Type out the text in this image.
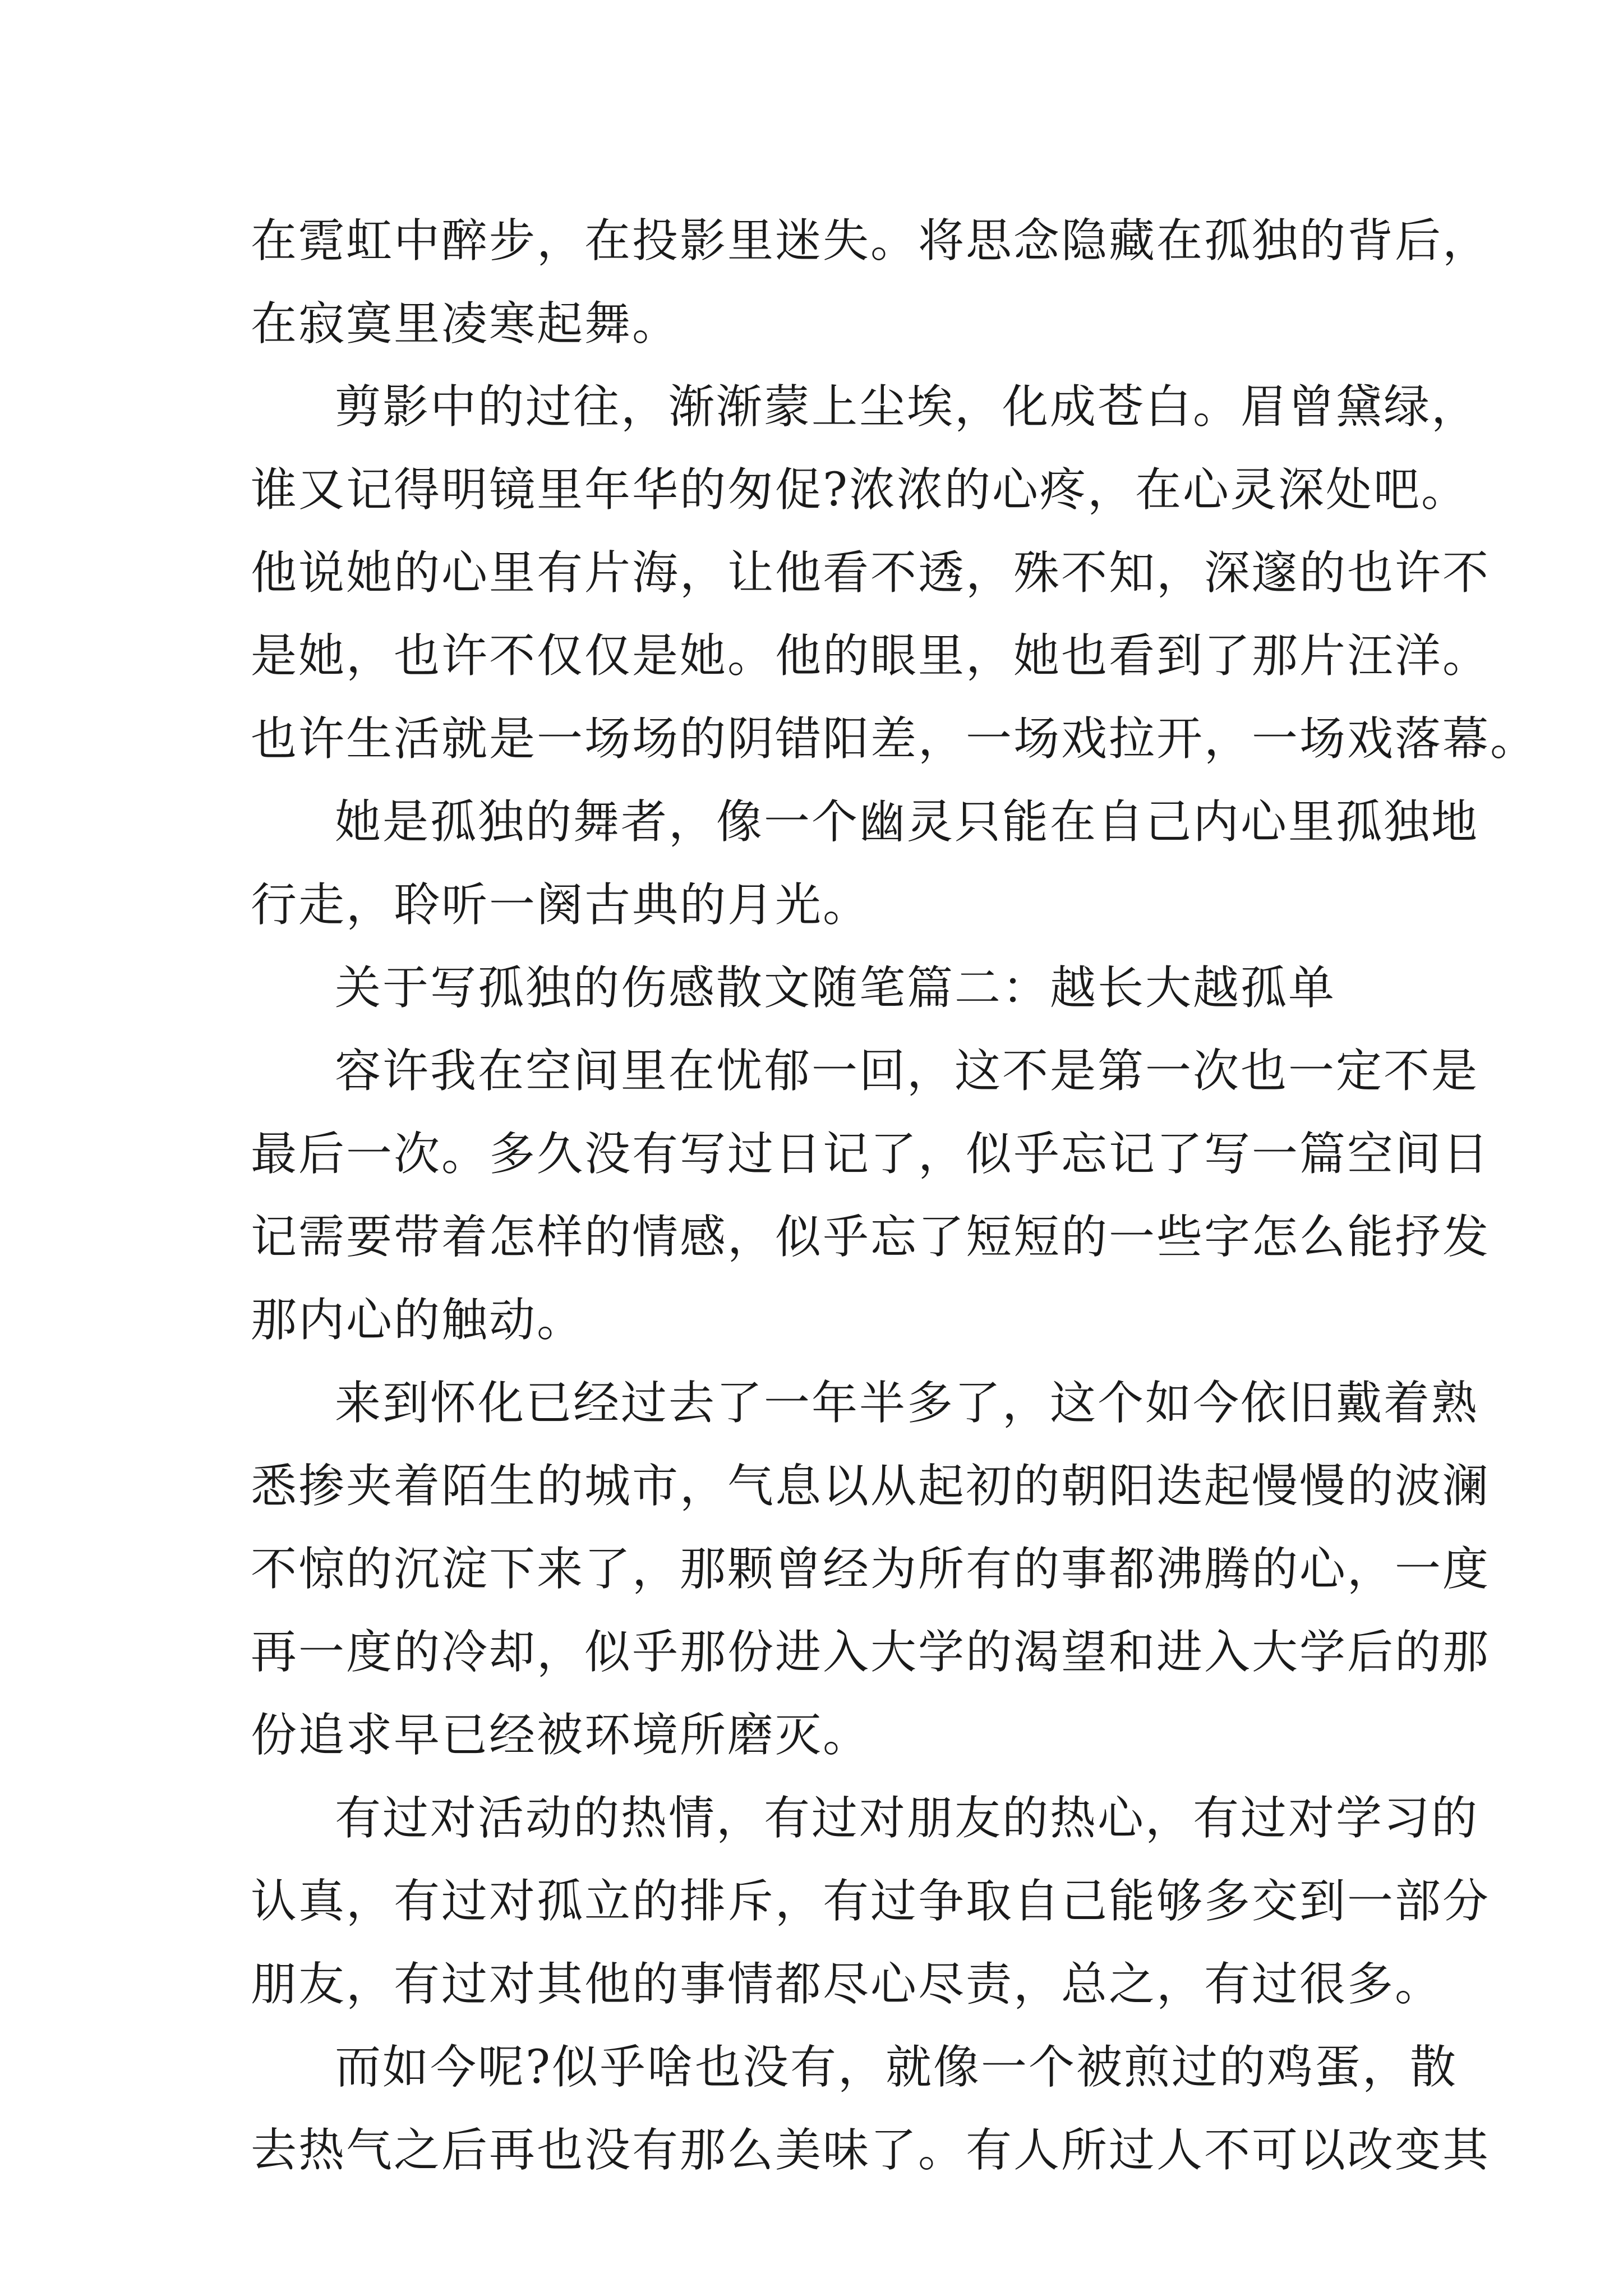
在霓虹中醉步，在投影里迷失。将思念隐藏在孤独的背后，

在寂寞里凌寒起舞。

剪影中的过往，渐渐蒙上尘埃，化成苍白。眉曾黛绿，

谁又记得明镜里年华的匆促?浓浓的心疼，在心灵深处吧。

他说她的心里有片海，让他看不透，殊不知，深邃的也许不

是她，也许不仅仅是她。他的眼里，她也看到了那片汪洋。

也许生活就是一场场的阴错阳差，一场戏拉开，一场戏落幕。

她是孤独的舞者，像一个幽灵只能在自己内心里孤独地

行走，聆听一阕古典的月光。

关于写孤独的伤感散文随笔篇二：越长大越孤单

容许我在空间里在忧郁一回，这不是第一次也一定不是

最后一次。多久没有写过日记了，似乎忘记了写一篇空间日

记需要带着怎样的情感，似乎忘了短短的一些字怎么能抒发

那内心的触动。

来到怀化已经过去了一年半多了，这个如今依旧戴着熟

悉掺夹着陌生的城市，气息以从起初的朝阳迭起慢慢的波澜

不惊的沉淀下来了，那颗曾经为所有的事都沸腾的心，一度

再一度的冷却，似乎那份进入大学的渴望和进入大学后的那

份追求早已经被环境所磨灭。

有过对活动的热情，有过对朋友的热心，有过对学习的

认真，有过对孤立的排斥，有过争取自己能够多交到一部分

朋友，有过对其他的事情都尽心尽责，总之，有过很多。

而如今呢?似乎啥也没有，就像一个被煎过的鸡蛋，散

去热气之后再也没有那么美味了。有人所过人不可以改变其
